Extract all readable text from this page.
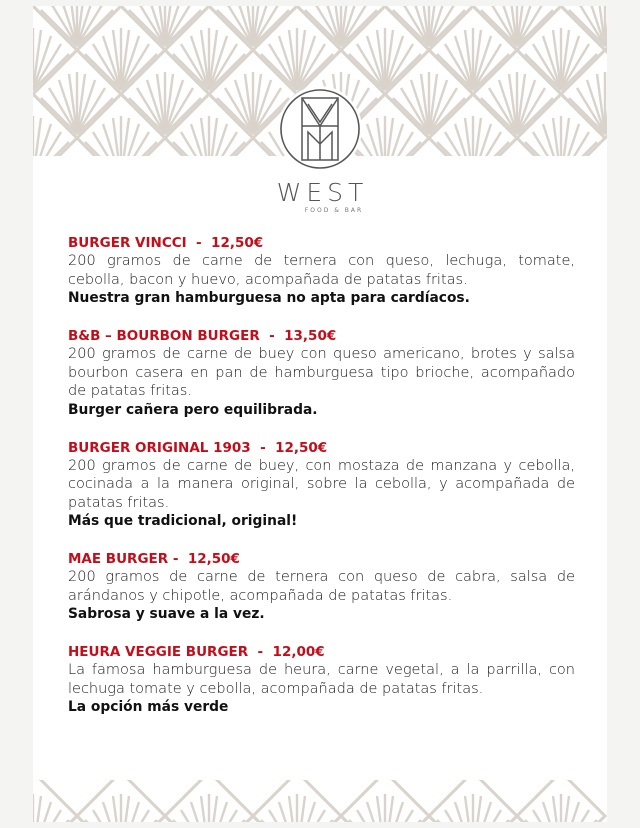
WEST
FOOD & BAR
BURGER VINCCI  -  12,50€
200 gramos de carne de ternera con queso, lechuga, tomate, cebolla, bacon y huevo, acompañada de patatas fritas.
Nuestra gran hamburguesa no apta para cardíacos.
B&B – BOURBON BURGER  -  13,50€
200 gramos de carne de buey con queso americano, brotes y salsa bourbon casera en pan de hamburguesa tipo brioche, acompañado de patatas fritas.
Burger cañera pero equilibrada.
BURGER ORIGINAL 1903  -  12,50€
200 gramos de carne de buey, con mostaza de manzana y cebolla, cocinada a la manera original, sobre la cebolla, y acompañada de patatas fritas.
Más que tradicional, original!
MAE BURGER -  12,50€
200 gramos de carne de ternera con queso de cabra, salsa de arándanos y chipotle, acompañada de patatas fritas.
Sabrosa y suave a la vez.
HEURA VEGGIE BURGER  -  12,00€
La famosa hamburguesa de heura, carne vegetal, a la parrilla, con lechuga tomate y cebolla, acompañada de patatas fritas.
La opción más verde
